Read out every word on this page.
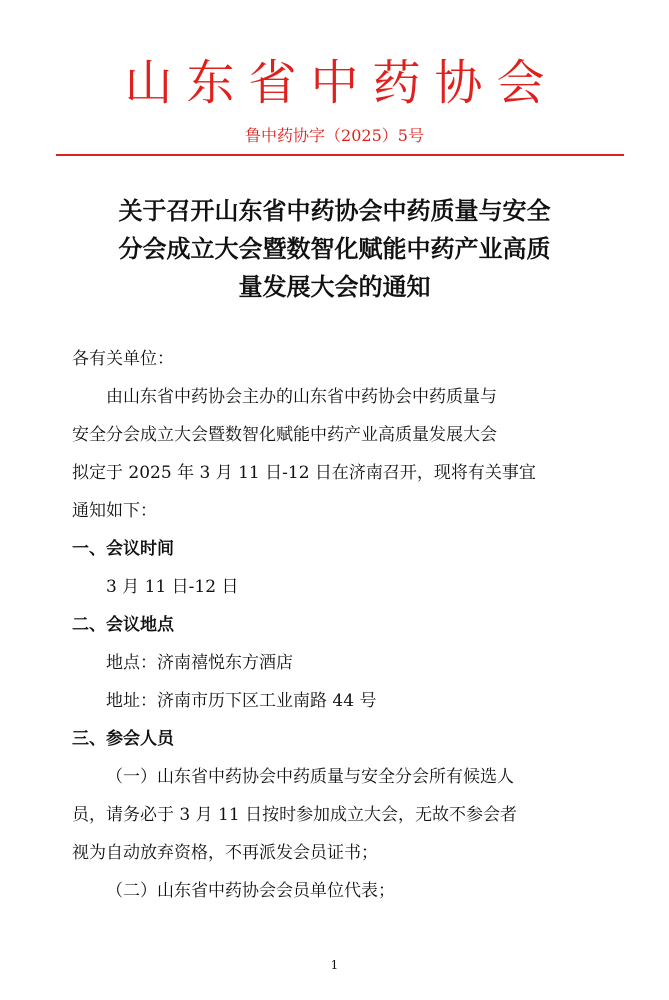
山东省中药协会
鲁中药协字（2025）5号
关于召开山东省中药协会中药质量与安全
分会成立大会暨数智化赋能中药产业高质
量发展大会的通知

各有关单位：

由山东省中药协会主办的山东省中药协会中药质量与

安全分会成立大会暨数智化赋能中药产业高质量发展大会

拟定于 2025 年 3 月 11 日-12 日在济南召开，现将有关事宜

通知如下：

一、会议时间

3 月 11 日-12 日

二、会议地点

地点：济南禧悦东方酒店

地址：济南市历下区工业南路 44 号

三、参会人员

（一）山东省中药协会中药质量与安全分会所有候选人

员，请务必于 3 月 11 日按时参加成立大会，无故不参会者

视为自动放弃资格，不再派发会员证书；

（二）山东省中药协会会员单位代表；

1
